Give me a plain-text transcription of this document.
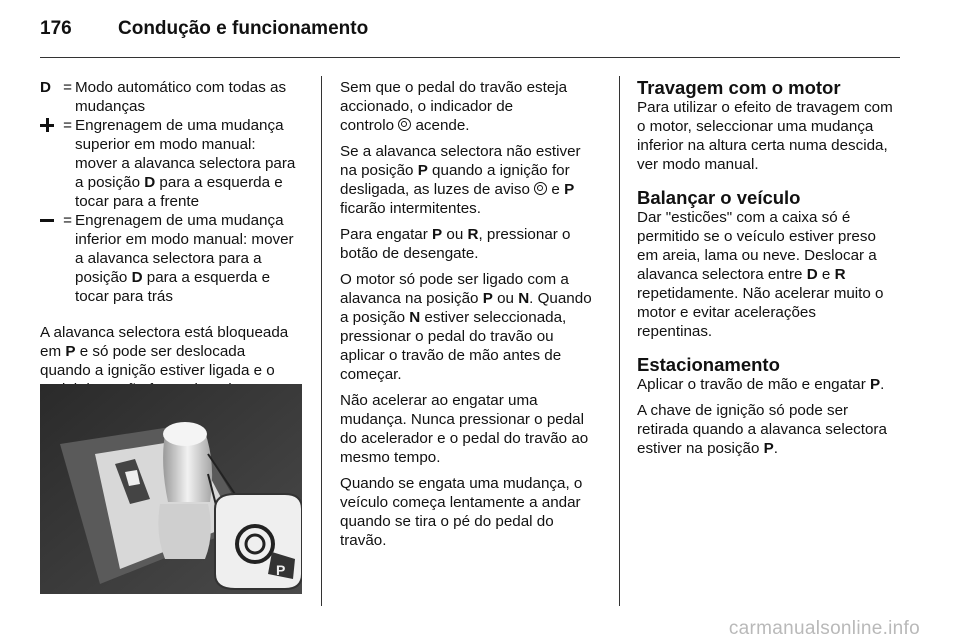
176 Condução e funcionamento
D = Modo automático com todas as
mudanças
= Engrenagem de uma mudança
superior em modo manual:
mover a alavanca selectora para
a posição D para a esquerda e
tocar para a frente
= Engrenagem de uma mudança
inferior em modo manual: mover
a alavanca selectora para a
posição D para a esquerda e
tocar para trás

A alavanca selectora está bloqueada
em P e só pode ser deslocada
quando a ignição estiver ligada e o

P

Sem que o pedal do travão esteja
accionado, o indicador de
controlo  acende.

Se a alavanca selectora não estiver
na posição P quando a ignição for
desligada, as luzes de aviso  e P
ficarão intermitentes.

Para engatar P ou R, pressionar o
botão de desengate.

O motor só pode ser ligado com a
alavanca na posição P ou N. Quando
a posição N estiver seleccionada,
pressionar o pedal do travão ou
aplicar o travão de mão antes de
começar.

Não acelerar ao engatar uma
mudança. Nunca pressionar o pedal
do acelerador e o pedal do travão ao
mesmo tempo.

Quando se engata uma mudança, o
veículo começa lentamente a andar
quando se tira o pé do pedal do
travão.

Travagem com o motor

Para utilizar o efeito de travagem com
o motor, seleccionar uma mudança
inferior na altura certa numa descida,
ver modo manual.

Balançar o veículo

Dar "esticões" com a caixa só é
permitido se o veículo estiver preso
em areia, lama ou neve. Deslocar a
alavanca selectora entre D e R
repetidamente. Não acelerar muito o
motor e evitar acelerações
repentinas.

Estacionamento

Aplicar o travão de mão e engatar P.

A chave de ignição só pode ser
retirada quando a alavanca selectora
estiver na posição P.

carmanualsonline.info
